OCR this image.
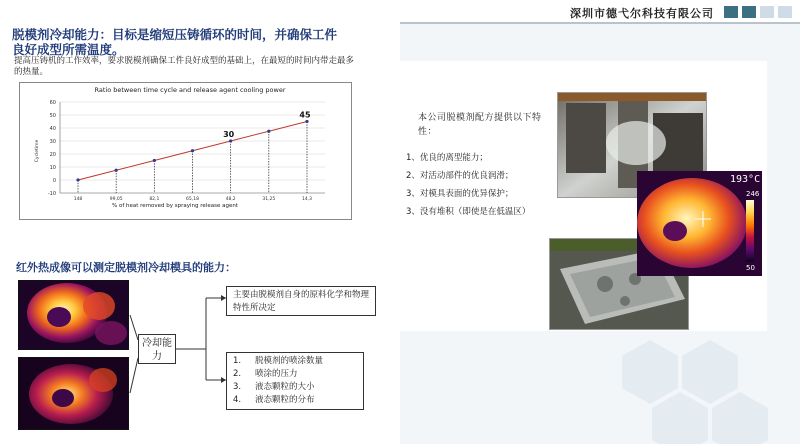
脱模剂冷却能力：目标是缩短压铸循环的时间，并确保工件良好成型所需温度。
提高压铸机的工作效率，要求脱模剂确保工件良好成型的基础上，在最短的时间内带走最多的热量。
Ratio between time cycle and release agent cooling power
Cycletime
% of heat removed by spraying release agent
-10
0
10
20
30
40
50
60
148	99,05	82,1	65,18	48,2	31,25	14,3
30
45
红外热成像可以测定脱模剂冷却模具的能力：
冷却能力
主要由脱模剂自身的原料化学和物理特性所决定
1.	脱模剂的喷涂数量
2.	喷涂的压力
3.	液态颗粒的大小
4.	液态颗粒的分布
深圳市德弋尔科技有限公司
本公司脱模剂配方提供以下特性：
1、优良的离型能力；
2、对活动部件的优良润滑；
3、对模具表面的优异保护；
3、没有堆积（即使是在低温区）
193°C
246
50
